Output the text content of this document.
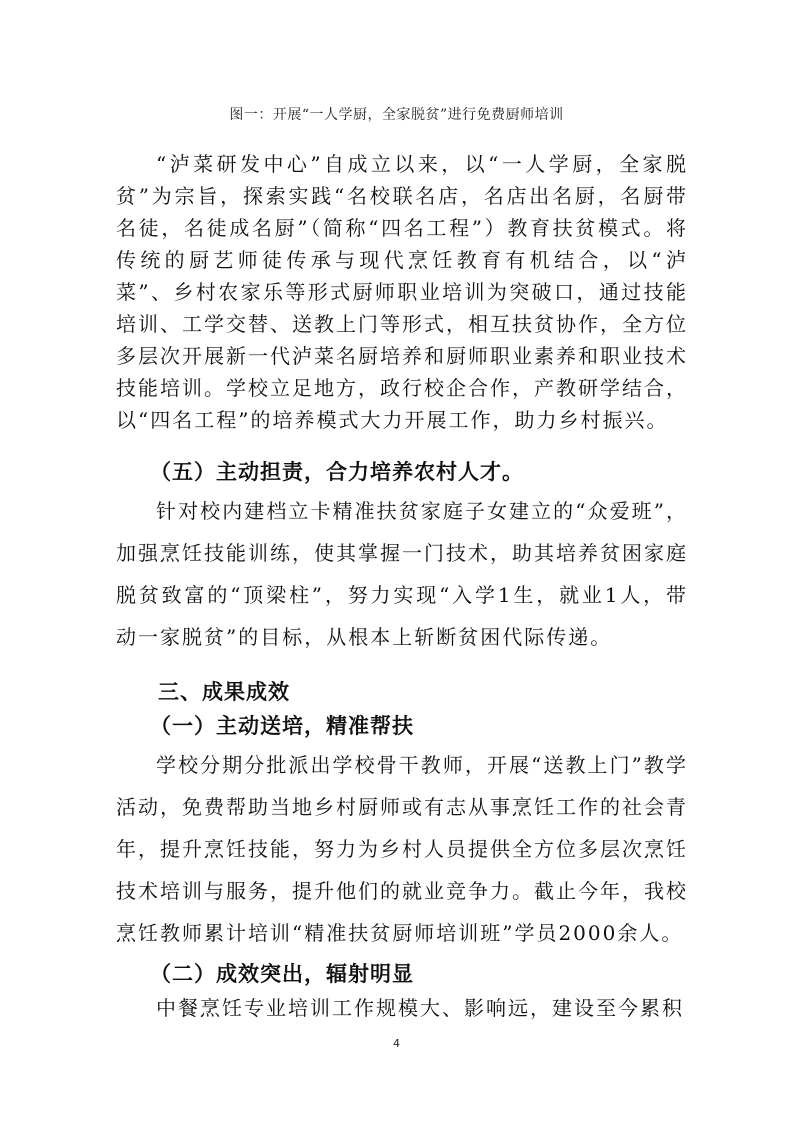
图一：开展“一人学厨，全家脱贫”进行免费厨师培训

“泸菜研发中心”自成立以来，以“一人学厨，全家脱贫”为宗旨，探索实践“名校联名店，名店出名厨，名厨带名徒，名徒成名厨”（简称“四名工程”）教育扶贫模式。将传统的厨艺师徒传承与现代烹饪教育有机结合，以“泸菜”、乡村农家乐等形式厨师职业培训为突破口，通过技能培训、工学交替、送教上门等形式，相互扶贫协作，全方位多层次开展新一代泸菜名厨培养和厨师职业素养和职业技术技能培训。学校立足地方，政行校企合作，产教研学结合，以“四名工程”的培养模式大力开展工作，助力乡村振兴。

（五）主动担责，合力培养农村人才。

针对校内建档立卡精准扶贫家庭子女建立的“众爱班”，加强烹饪技能训练，使其掌握一门技术，助其培养贫困家庭脱贫致富的“顶梁柱”，努力实现“入学1生，就业1人，带动一家脱贫”的目标，从根本上斩断贫困代际传递。

三、成果成效
（一）主动送培，精准帮扶

学校分期分批派出学校骨干教师，开展“送教上门”教学活动，免费帮助当地乡村厨师或有志从事烹饪工作的社会青年，提升烹饪技能，努力为乡村人员提供全方位多层次烹饪技术培训与服务，提升他们的就业竞争力。截止今年，我校烹饪教师累计培训“精准扶贫厨师培训班”学员2000余人。

（二）成效突出，辐射明显

中餐烹饪专业培训工作规模大、影响远，建设至今累积

4
